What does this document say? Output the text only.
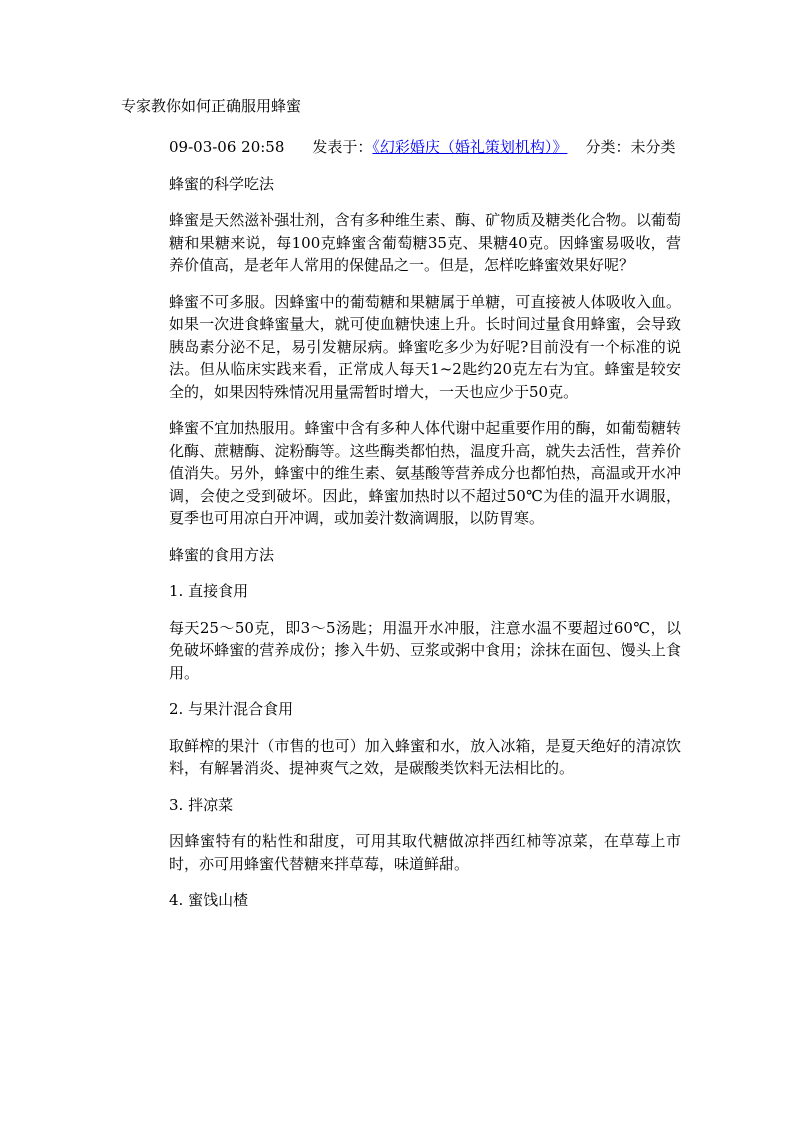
专家教你如何正确服用蜂蜜

09-03-06 20:58 发表于：《幻彩婚庆（婚礼策划机构）》 分类：未分类

蜂蜜的科学吃法

蜂蜜是天然滋补强壮剂，含有多种维生素、酶、矿物质及糖类化合物。以葡萄糖和果糖来说，每100克蜂蜜含葡萄糖35克、果糖40克。因蜂蜜易吸收，营养价值高，是老年人常用的保健品之一。但是，怎样吃蜂蜜效果好呢？

蜂蜜不可多服。因蜂蜜中的葡萄糖和果糖属于单糖，可直接被人体吸收入血。如果一次进食蜂蜜量大，就可使血糖快速上升。长时间过量食用蜂蜜，会导致胰岛素分泌不足，易引发糖尿病。蜂蜜吃多少为好呢?目前没有一个标准的说法。但从临床实践来看，正常成人每天1~2匙约20克左右为宜。蜂蜜是较安全的，如果因特殊情况用量需暂时增大，一天也应少于50克。

蜂蜜不宜加热服用。蜂蜜中含有多种人体代谢中起重要作用的酶，如葡萄糖转化酶、蔗糖酶、淀粉酶等。这些酶类都怕热，温度升高，就失去活性，营养价值消失。另外，蜂蜜中的维生素、氨基酸等营养成分也都怕热，高温或开水冲调，会使之受到破坏。因此，蜂蜜加热时以不超过50℃为佳的温开水调服，夏季也可用凉白开冲调，或加姜汁数滴调服，以防胃寒。

蜂蜜的食用方法

1. 直接食用

每天25～50克，即3～5汤匙；用温开水冲服，注意水温不要超过60℃，以免破坏蜂蜜的营养成份；掺入牛奶、豆浆或粥中食用；涂抹在面包、馒头上食用。

2. 与果汁混合食用

取鲜榨的果汁（市售的也可）加入蜂蜜和水，放入冰箱，是夏天绝好的清凉饮料，有解暑消炎、提神爽气之效，是碳酸类饮料无法相比的。

3. 拌凉菜

因蜂蜜特有的粘性和甜度，可用其取代糖做凉拌西红柿等凉菜，在草莓上市时，亦可用蜂蜜代替糖来拌草莓，味道鲜甜。

4. 蜜饯山楂
